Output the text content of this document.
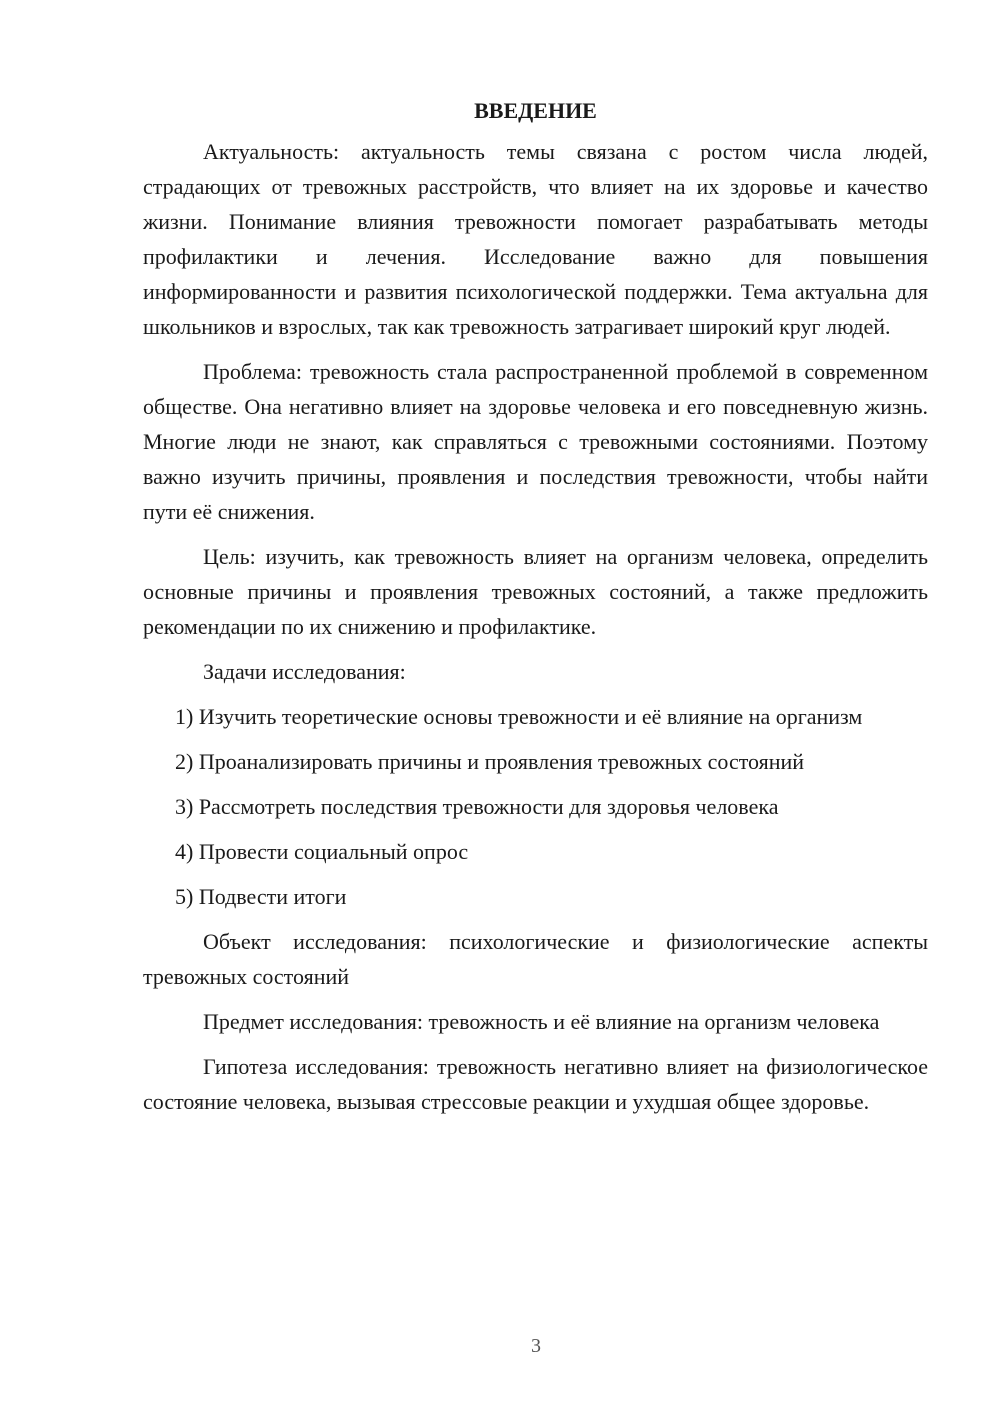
ВВЕДЕНИЕ

Актуальность: актуальность темы связана с ростом числа людей, страдающих от тревожных расстройств, что влияет на их здоровье и качество жизни. Понимание влияния тревожности помогает разрабатывать методы профилактики и лечения. Исследование важно для повышения информированности и развития психологической поддержки. Тема актуальна для школьников и взрослых, так как тревожность затрагивает широкий круг людей.

Проблема: тревожность стала распространенной проблемой в современном обществе. Она негативно влияет на здоровье человека и его повседневную жизнь. Многие люди не знают, как справляться с тревожными состояниями. Поэтому важно изучить причины, проявления и последствия тревожности, чтобы найти пути её снижения.

Цель: изучить, как тревожность влияет на организм человека, определить основные причины и проявления тревожных состояний, а также предложить рекомендации по их снижению и профилактике.

Задачи исследования:

1) Изучить теоретические основы тревожности и её влияние на организм

2) Проанализировать причины и проявления тревожных состояний

3) Рассмотреть последствия тревожности для здоровья человека

4) Провести социальный опрос

5) Подвести итоги

Объект исследования: психологические и физиологические аспекты тревожных состояний

Предмет исследования: тревожность и её влияние на организм человека

Гипотеза исследования: тревожность негативно влияет на физиологическое состояние человека, вызывая стрессовые реакции и ухудшая общее здоровье.

3
